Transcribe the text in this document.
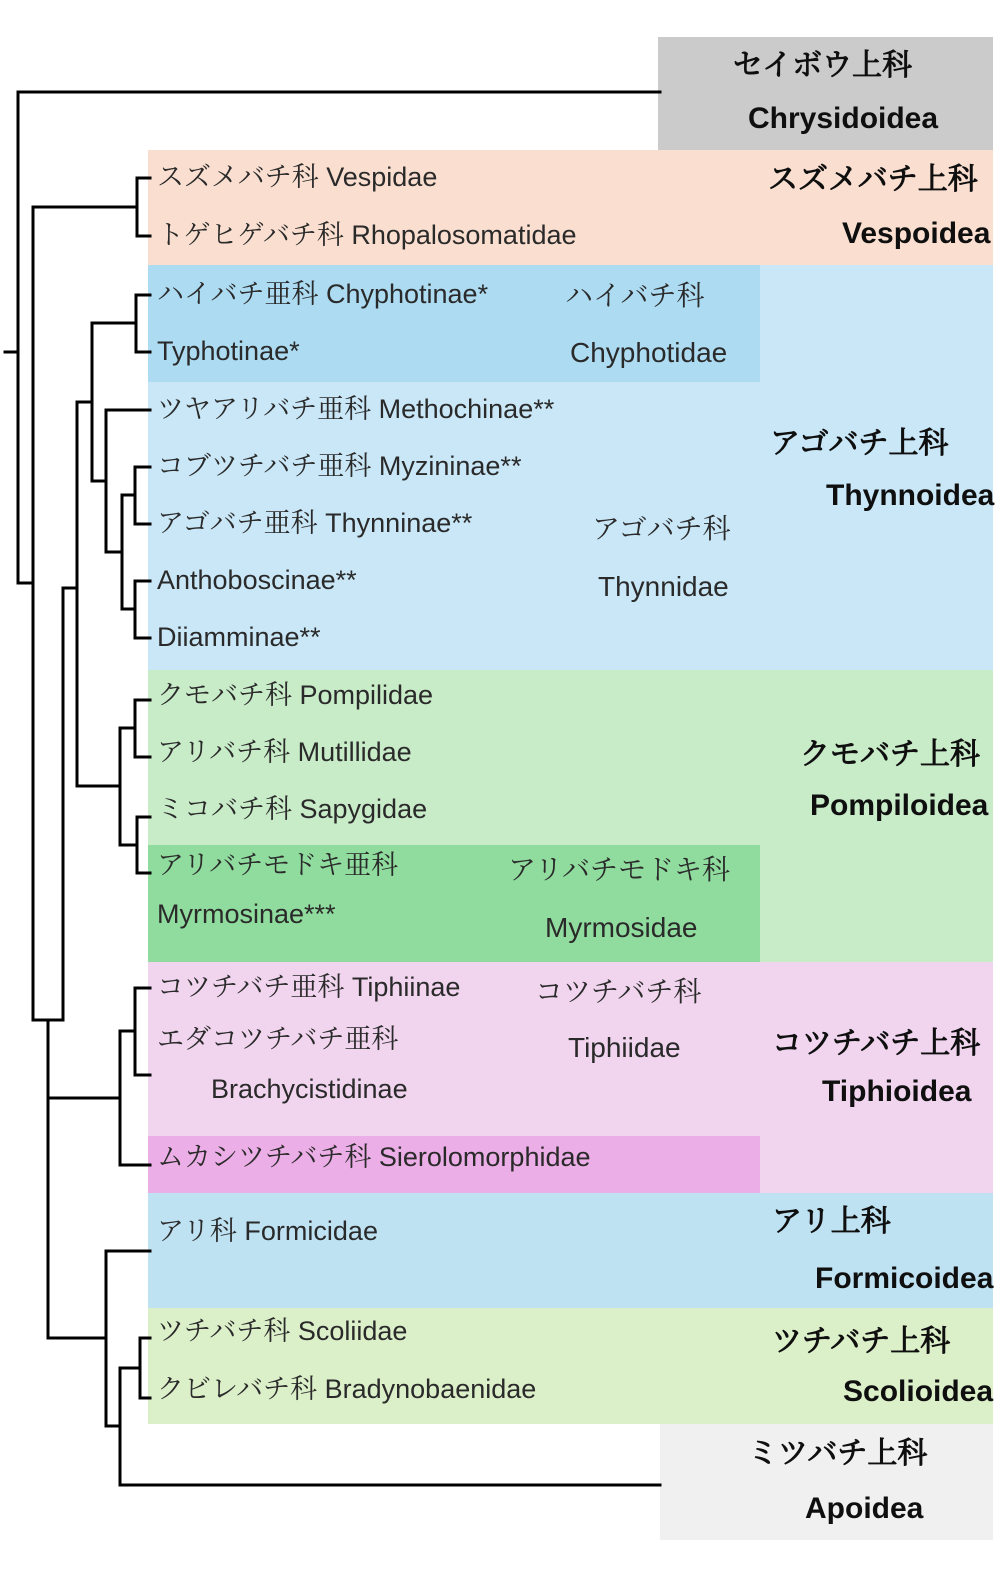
スズメバチ科 Vespidae
トゲヒゲバチ科 Rhopalosomatidae
ハイバチ亜科 Chyphotinae*
Typhotinae*
ツヤアリバチ亜科 Methochinae**
コブツチバチ亜科 Myzininae**
アゴバチ亜科 Thynninae**
Anthoboscinae**
Diiamminae**
クモバチ科 Pompilidae
アリバチ科 Mutillidae
ミコバチ科 Sapygidae
アリバチモドキ亜科
Myrmosinae***
コツチバチ亜科 Tiphiinae
エダコツチバチ亜科
Brachycistidinae
ムカシツチバチ科 Sierolomorphidae
アリ科 Formicidae
ツチバチ科 Scoliidae
クビレバチ科 Bradynobaenidae
ハイバチ科
Chyphotidae
アゴバチ科
Thynnidae
アリバチモドキ科
Myrmosidae
コツチバチ科
Tiphiidae
セイボウ上科
Chrysidoidea
スズメバチ上科
Vespoidea
アゴバチ上科
Thynnoidea
クモバチ上科
Pompiloidea
コツチバチ上科
Tiphioidea
アリ上科
Formicoidea
ツチバチ上科
Scolioidea
ミツバチ上科
Apoidea
